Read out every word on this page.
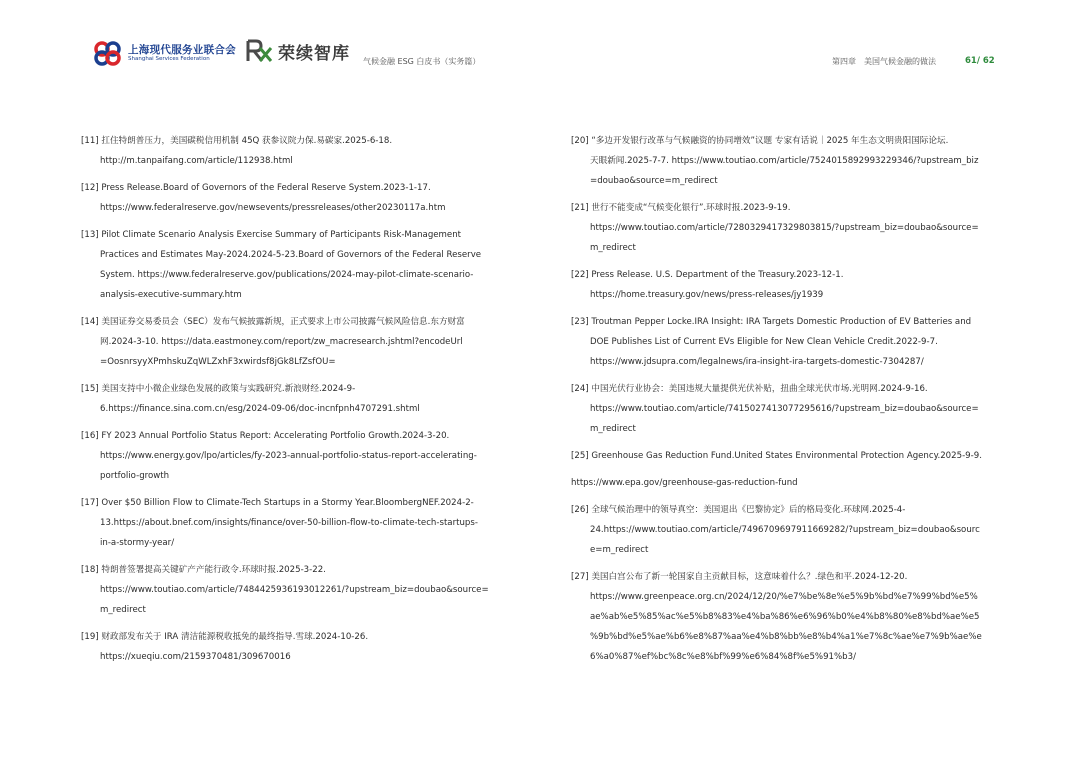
上海现代服务业联合会
Shanghai Services Federation	荣续智库 气候金融 ESG 白皮书（实务篇）	第四章　美国气候金融的做法	61/ 62
[11] 扛住特朗普压力，美国碳税信用机制 45Q 获参议院力保.易碳家.2025-6-18.
http://m.tanpaifang.com/article/112938.html
[12] Press Release.Board of Governors of the Federal Reserve System.2023-1-17.
https://www.federalreserve.gov/newsevents/pressreleases/other20230117a.htm
[13] Pilot Climate Scenario Analysis Exercise Summary of Participants Risk-Management
Practices and Estimates May-2024.2024-5-23.Board of Governors of the Federal Reserve
System. https://www.federalreserve.gov/publications/2024-may-pilot-climate-scenario-
analysis-executive-summary.htm
[14] 美国证券交易委员会（SEC）发布气候披露新规，正式要求上市公司披露气候风险信息.东方财富
网.2024-3-10. https://data.eastmoney.com/report/zw_macresearch.jshtml?encodeUrl
=OosnrsyyXPmhskuZqWLZxhF3xwirdsf8jGk8LfZsfOU=
[15] 美国支持中小微企业绿色发展的政策与实践研究.新浪财经.2024-9-
6.https://finance.sina.com.cn/esg/2024-09-06/doc-incnfpnh4707291.shtml
[16] FY 2023 Annual Portfolio Status Report: Accelerating Portfolio Growth.2024-3-20.
https://www.energy.gov/lpo/articles/fy-2023-annual-portfolio-status-report-accelerating-
portfolio-growth
[17] Over $50 Billion Flow to Climate-Tech Startups in a Stormy Year.BloombergNEF.2024-2-
13.https://about.bnef.com/insights/finance/over-50-billion-flow-to-climate-tech-startups-
in-a-stormy-year/
[18] 特朗普签署提高关键矿产产能行政令.环球时报.2025-3-22.
https://www.toutiao.com/article/7484425936193012261/?upstream_biz=doubao&source=
m_redirect
[19] 财政部发布关于 IRA 清洁能源税收抵免的最终指导.雪球.2024-10-26.
https://xueqiu.com/2159370481/309670016
[20] “多边开发银行改革与气候融资的协同增效”议题 专家有话说｜2025 年生态文明贵阳国际论坛.
天眼新闻.2025-7-7. https://www.toutiao.com/article/7524015892993229346/?upstream_biz
=doubao&source=m_redirect
[21] 世行不能变成“气候变化银行”.环球时报.2023-9-19.
https://www.toutiao.com/article/7280329417329803815/?upstream_biz=doubao&source=
m_redirect
[22] Press Release. U.S. Department of the Treasury.2023-12-1.
https://home.treasury.gov/news/press-releases/jy1939
[23] Troutman Pepper Locke.IRA Insight: IRA Targets Domestic Production of EV Batteries and
DOE Publishes List of Current EVs Eligible for New Clean Vehicle Credit.2022-9-7.
https://www.jdsupra.com/legalnews/ira-insight-ira-targets-domestic-7304287/
[24] 中国光伏行业协会：美国违规大量提供光伏补贴，扭曲全球光伏市场.光明网.2024-9-16.
https://www.toutiao.com/article/7415027413077295616/?upstream_biz=doubao&source=
m_redirect
[25] Greenhouse Gas Reduction Fund.United States Environmental Protection Agency.2025-9-9.
https://www.epa.gov/greenhouse-gas-reduction-fund
[26] 全球气候治理中的领导真空：美国退出《巴黎协定》后的格局变化.环球网.2025-4-
24.https://www.toutiao.com/article/7496709697911669282/?upstream_biz=doubao&sourc
e=m_redirect
[27] 美国白宫公布了新一轮国家自主贡献目标，这意味着什么？.绿色和平.2024-12-20.
https://www.greenpeace.org.cn/2024/12/20/%e7%be%8e%e5%9b%bd%e7%99%bd%e5%
ae%ab%e5%85%ac%e5%b8%83%e4%ba%86%e6%96%b0%e4%b8%80%e8%bd%ae%e5
%9b%bd%e5%ae%b6%e8%87%aa%e4%b8%bb%e8%b4%a1%e7%8c%ae%e7%9b%ae%e
6%a0%87%ef%bc%8c%e8%bf%99%e6%84%8f%e5%91%b3/
